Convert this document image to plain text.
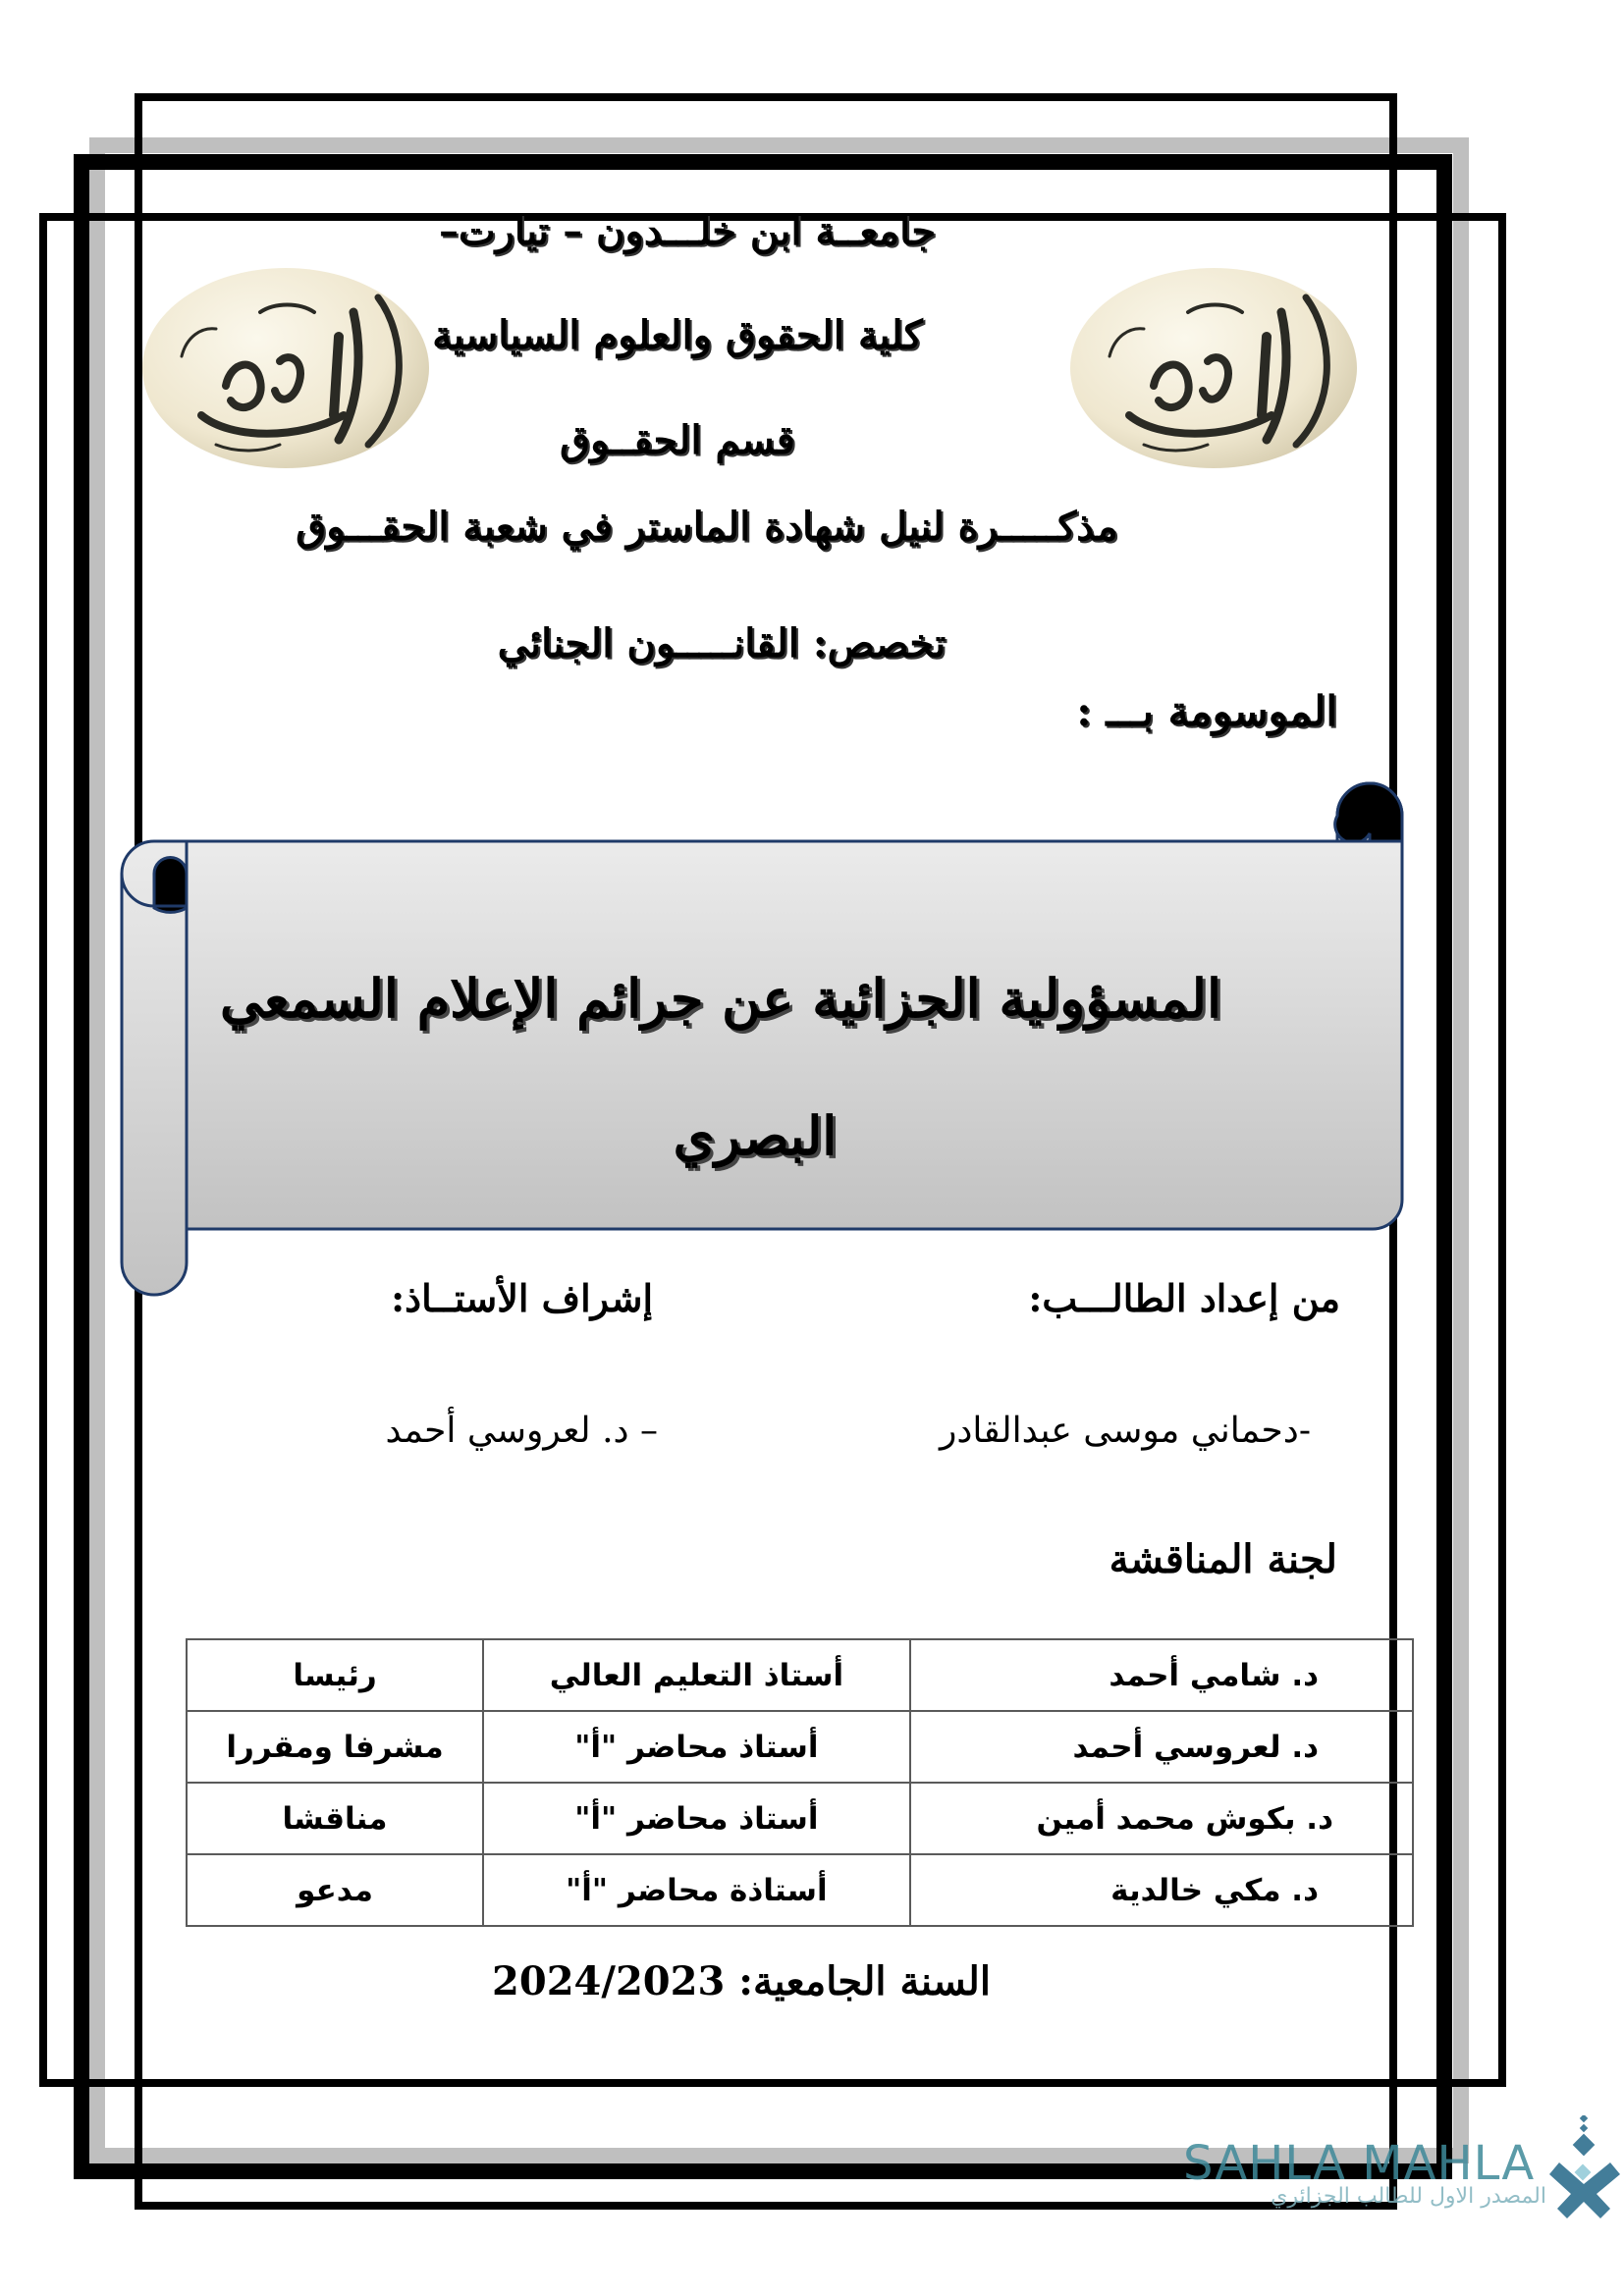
جامعــة ابن خلـــدون – تيارت–
كلية الحقوق والعلوم السياسية
قسم الحقــوق
مذكـــــرة لنيل شهادة الماستر في شعبة الحقـــوق
تخصص: القانـــــون الجنائي
الموسومة بـــ :
المسؤولية الجزائية عن جرائم الإعلام السمعي
البصري
من إعداد الطالـــب:
إشراف الأستــاذ:
-دحماني موسى عبدالقادر
– د. لعروسي أحمد
لجنة المناقشة
د. شامي أحمد	أستاذ التعليم العالي	رئيسا
د. لعروسي أحمد	أستاذ محاضر "أ"	مشرفا ومقررا
د. بكوش محمد أمين	أستاذ محاضر "أ"	مناقشا
د. مكي خالدية	أستاذة محاضر "أ"	مدعو
السنة الجامعية: 2024/2023
SAHLA MAHLA
المصدر الاول للطالب الجزائري
